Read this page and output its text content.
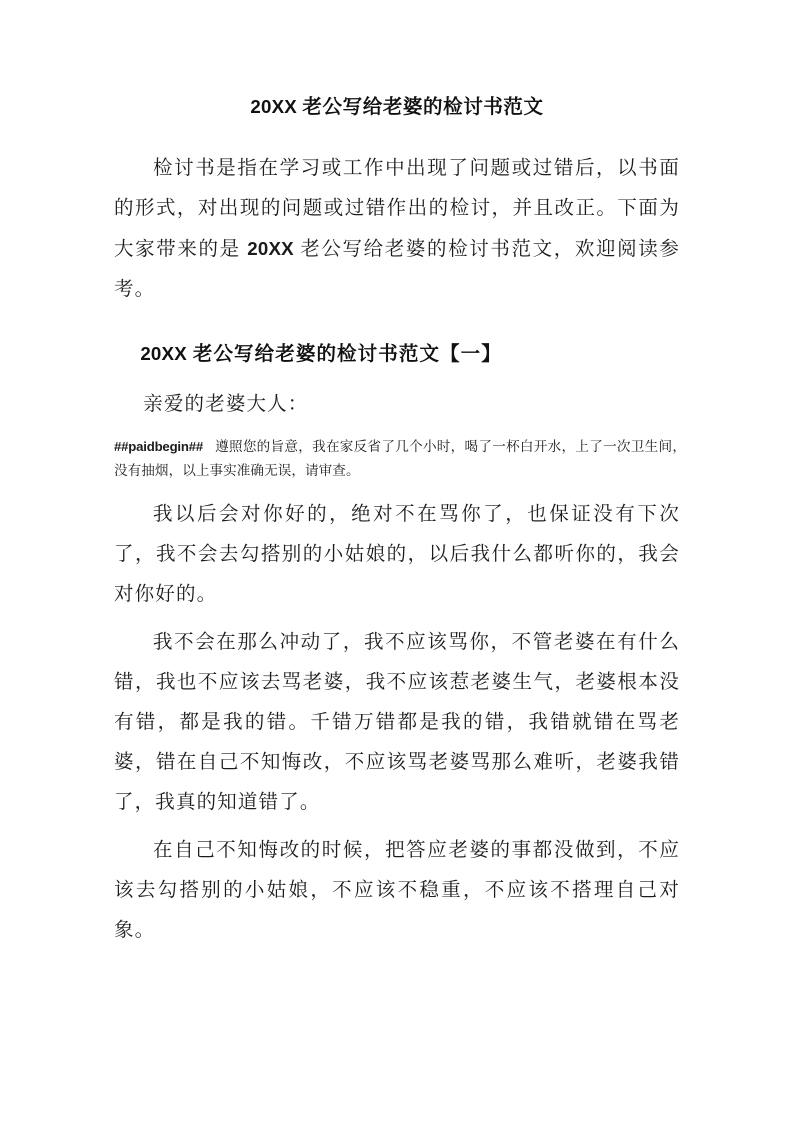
20XX 老公写给老婆的检讨书范文

检讨书是指在学习或工作中出现了问题或过错后，以书面的形式，对出现的问题或过错作出的检讨，并且改正。下面为大家带来的是 20XX 老公写给老婆的检讨书范文，欢迎阅读参考。

20XX 老公写给老婆的检讨书范文【一】

亲爱的老婆大人：

##paidbegin## 遵照您的旨意，我在家反省了几个小时，喝了一杯白开水，上了一次卫生间，没有抽烟，以上事实准确无误，请审查。

我以后会对你好的，绝对不在骂你了，也保证没有下次了，我不会去勾搭别的小姑娘的，以后我什么都听你的，我会对你好的。

我不会在那么冲动了，我不应该骂你，不管老婆在有什么错，我也不应该去骂老婆，我不应该惹老婆生气，老婆根本没有错，都是我的错。千错万错都是我的错，我错就错在骂老婆，错在自己不知悔改，不应该骂老婆骂那么难听，老婆我错了，我真的知道错了。

在自己不知悔改的时候，把答应老婆的事都没做到，不应该去勾搭别的小姑娘，不应该不稳重，不应该不搭理自己对象。
